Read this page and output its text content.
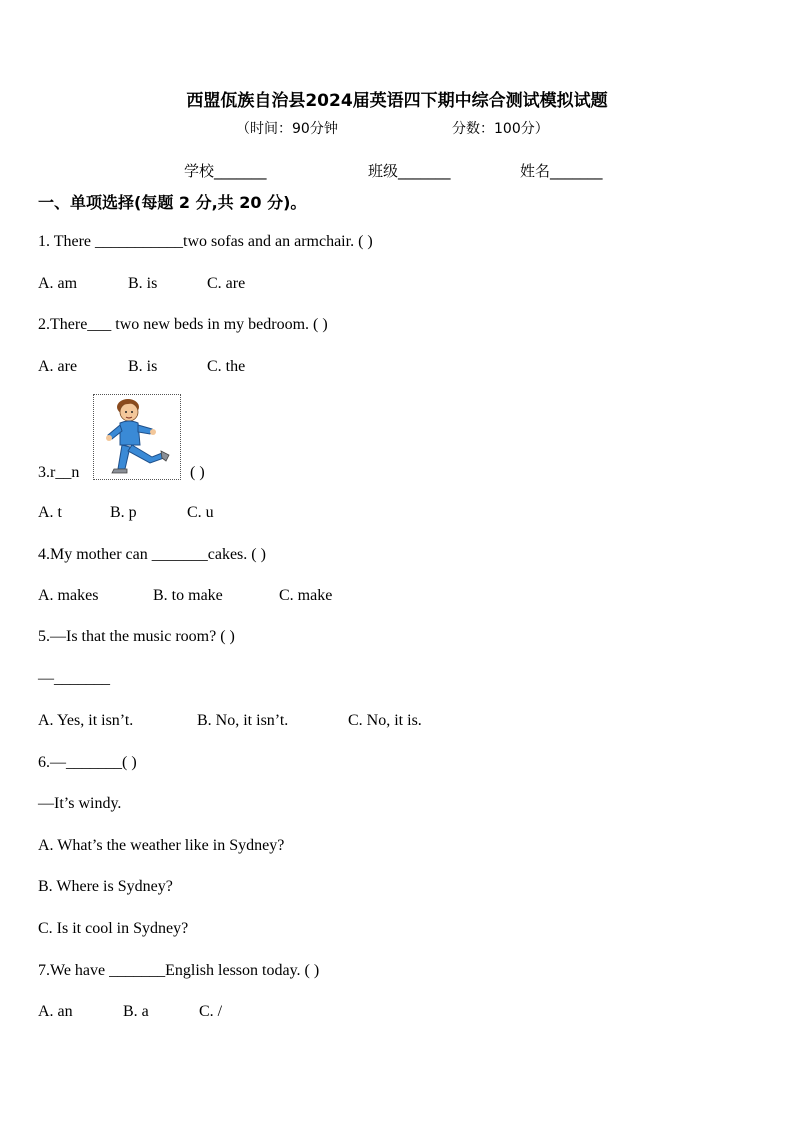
西盟佤族自治县2024届英语四下期中综合测试模拟试题
（时间：90分钟	分数：100分）
学校_______	班级_______	姓名_______
一、单项选择(每题 2 分,共 20 分)。
1. There ___________two sofas and an armchair. ( )
A. am	B. is	C. are
2.There___ two new beds in my bedroom. ( )
A. are	B. is	C. the
3.r__n	( )
A. t	B. p	C. u
4.My mother can _______cakes. ( )
A. makes	B. to make	C. make
5.—Is that the music room? ( )
—_______
A. Yes, it isn’t.	B. No, it isn’t.	C. No, it is.
6.—_______( )
—It’s windy.
A. What’s the weather like in Sydney?
B. Where is Sydney?
C. Is it cool in Sydney?
7.We have _______English lesson today. ( )
A. an	B. a	C. /
